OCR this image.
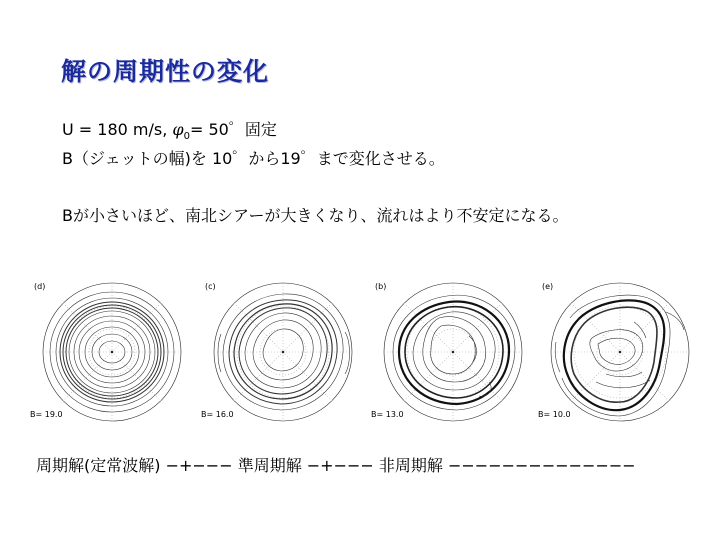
解の周期性の変化
U = 180 m/s, $\varphi_0= 50$゜固定
B（ジェットの幅)を 10゜から19゜まで変化させる。
Bが小さいほど、南北シアーが大きくなり、流れはより不安定になる。
(d)
B= 19.0
(c)
B= 16.0
(b)
B= 13.0
(e)
B= 10.0
周期解(定常波解) −+−−− 準周期解 −+−−− 非周期解 −−−−−−−−−−−−−−
